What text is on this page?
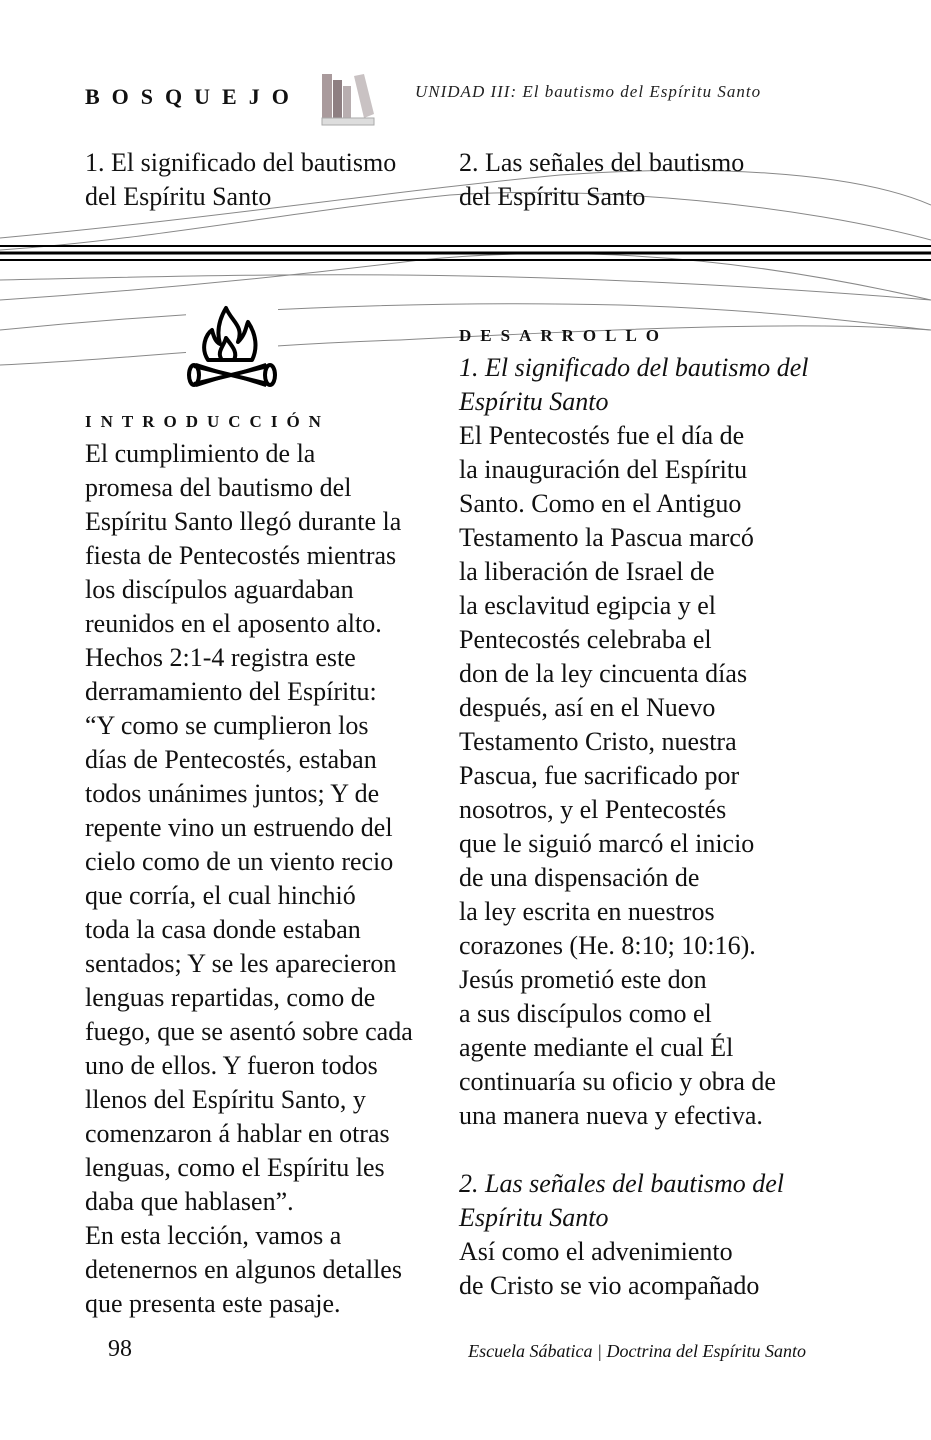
BOSQUEJO	UNIDAD III: El bautismo del Espíritu Santo
1. El significado del bautismo
del Espíritu Santo
2. Las señales del bautismo
del Espíritu Santo
INTRODUCCIÓN
El cumplimiento de la
promesa del bautismo del
Espíritu Santo llegó durante la
fiesta de Pentecostés mientras
los discípulos aguardaban
reunidos en el aposento alto.
Hechos 2:1-4 registra este
derramamiento del Espíritu:
“Y como se cumplieron los
días de Pentecostés, estaban
todos unánimes juntos; Y de
repente vino un estruendo del
cielo como de un viento recio
que corría, el cual hinchió
toda la casa donde estaban
sentados; Y se les aparecieron
lenguas repartidas, como de
fuego, que se asentó sobre cada
uno de ellos. Y fueron todos
llenos del Espíritu Santo, y
comenzaron á hablar en otras
lenguas, como el Espíritu les
daba que hablasen”.
En esta lección, vamos a
detenernos en algunos detalles
que presenta este pasaje.
DESARROLLO
1. El significado del bautismo del
Espíritu Santo
El Pentecostés fue el día de
la inauguración del Espíritu
Santo. Como en el Antiguo
Testamento la Pascua marcó
la liberación de Israel de
la esclavitud egipcia y el
Pentecostés celebraba el
don de la ley cincuenta días
después, así en el Nuevo
Testamento Cristo, nuestra
Pascua, fue sacrificado por
nosotros, y el Pentecostés
que le siguió marcó el inicio
de una dispensación de
la ley escrita en nuestros
corazones (He. 8:10; 10:16).
Jesús prometió este don
a sus discípulos como el
agente mediante el cual Él
continuaría su oficio y obra de
una manera nueva y efectiva.

2. Las señales del bautismo del
Espíritu Santo
Así como el advenimiento
de Cristo se vio acompañado
98	Escuela Sábatica | Doctrina del Espíritu Santo
